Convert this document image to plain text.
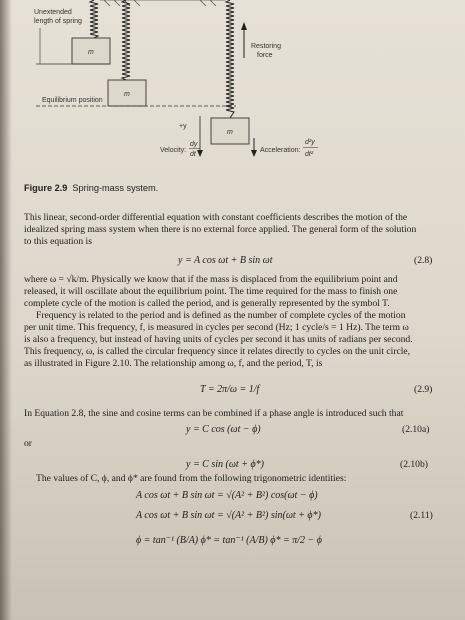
Unextended
length of spring
m
m
Equilibrium position
m
Restoring
force
+y
Velocity:
dy
dt
Acceleration:
d²y
dt²
Figure 2.9 Spring-mass system.
This linear, second-order differential equation with constant coefficients describes the motion of the
idealized spring mass system when there is no external force applied. The general form of the solution
to this equation is
y = A cos ωt + B sin ωt	(2.8)
where ω = √k/m. Physically we know that if the mass is displaced from the equilibrium point and
released, it will oscillate about the equilibrium point. The time required for the mass to finish one
complete cycle of the motion is called the period, and is generally represented by the symbol T.
Frequency is related to the period and is defined as the number of complete cycles of the motion
per unit time. This frequency, f, is measured in cycles per second (Hz; 1 cycle/s = 1 Hz). The term ω
is also a frequency, but instead of having units of cycles per second it has units of radians per second.
This frequency, ω, is called the circular frequency since it relates directly to cycles on the unit circle,
as illustrated in Figure 2.10. The relationship among ω, f, and the period, T, is
T = 2π/ω = 1/f	(2.9)
In Equation 2.8, the sine and cosine terms can be combined if a phase angle is introduced such that
y = C cos (ωt − ϕ)	(2.10a)
or
y = C sin (ωt + ϕ*)	(2.10b)
The values of C, ϕ, and ϕ* are found from the following trigonometric identities:
A cos ωt + B sin ωt = √(A² + B²) cos(ωt − ϕ)
A cos ωt + B sin ωt = √(A² + B²) sin(ωt + ϕ*)
ϕ = tan⁻¹ (B/A) ϕ* = tan⁻¹ (A/B) ϕ* = π/2 − ϕ
(2.11)
